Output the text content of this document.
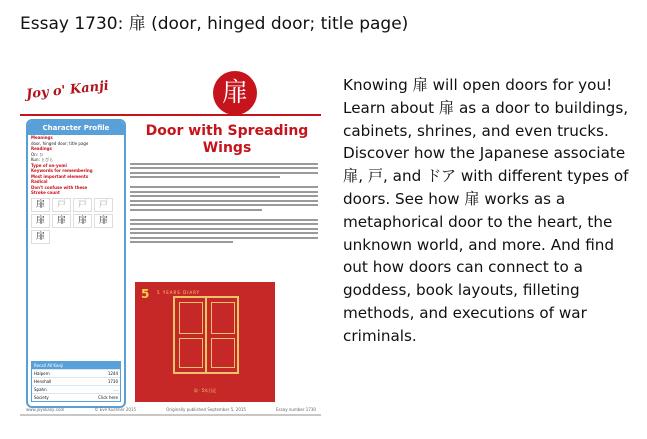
Essay 1730: 扉 (door, hinged door; title page)
Joy o' Kanji	扉
Character Profile
Meanings
door, hinged door; title page
Readings
On: ひ
Kun: とびら
Type of on-yomi
Keywords for remembering
Most important elements
Radical
Don't confuse with these
Stroke count
扉	戸	戸	戸
扉	扉	扉	扉
扉
Recall All Kanji
Halpern	1244
Henshall	1730
Spahn	...
Society	Click here
Door with Spreading Wings
5 5 YEARS DIARY
扉 · 5年日記
www.joyokanji.com	© Eve Kushner 2015	Originally published September 5, 2015	Essay number 1730
Knowing 扉 will open doors for you! Learn about 扉 as a door to buildings, cabinets, shrines, and even trucks. Discover how the Japanese associate 扉, 戸, and ドア with different types of doors. See how 扉 works as a metaphorical door to the heart, the unknown world, and more. And find out how doors can connect to a goddess, book layouts, filleting methods, and executions of war criminals.
